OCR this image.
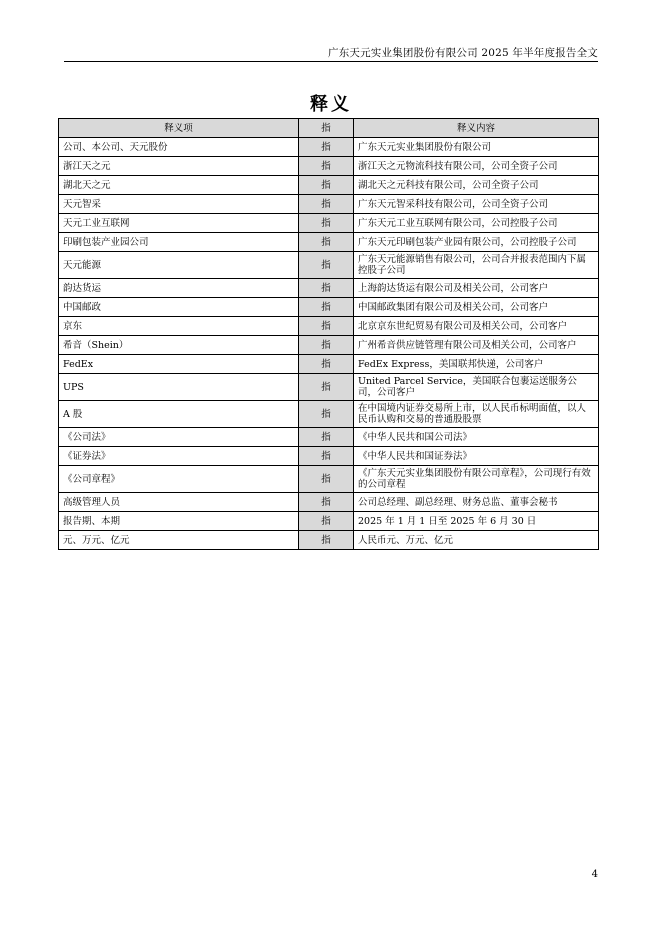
广东天元实业集团股份有限公司 2025 年半年度报告全文
释义
释义项	指	释义内容
公司、本公司、天元股份	指	广东天元实业集团股份有限公司
浙江天之元	指	浙江天之元物流科技有限公司，公司全资子公司
湖北天之元	指	湖北天之元科技有限公司，公司全资子公司
天元智采	指	广东天元智采科技有限公司，公司全资子公司
天元工业互联网	指	广东天元工业互联网有限公司，公司控股子公司
印刷包装产业园公司	指	广东天元印刷包装产业园有限公司，公司控股子公司
天元能源	指	广东天元能源销售有限公司，公司合并报表范围内下属控股子公司
韵达货运	指	上海韵达货运有限公司及相关公司，公司客户
中国邮政	指	中国邮政集团有限公司及相关公司，公司客户
京东	指	北京京东世纪贸易有限公司及相关公司，公司客户
希音（Shein）	指	广州希音供应链管理有限公司及相关公司，公司客户
FedEx	指	FedEx Express，美国联邦快递，公司客户
UPS	指	United Parcel Service，美国联合包裹运送服务公司，公司客户
A 股	指	在中国境内证券交易所上市，以人民币标明面值，以人民币认购和交易的普通股股票
《公司法》	指	《中华人民共和国公司法》
《证券法》	指	《中华人民共和国证券法》
《公司章程》	指	《广东天元实业集团股份有限公司章程》，公司现行有效的公司章程
高级管理人员	指	公司总经理、副总经理、财务总监、董事会秘书
报告期、本期	指	2025 年 1 月 1 日至 2025 年 6 月 30 日
元、万元、亿元	指	人民币元、万元、亿元
4
